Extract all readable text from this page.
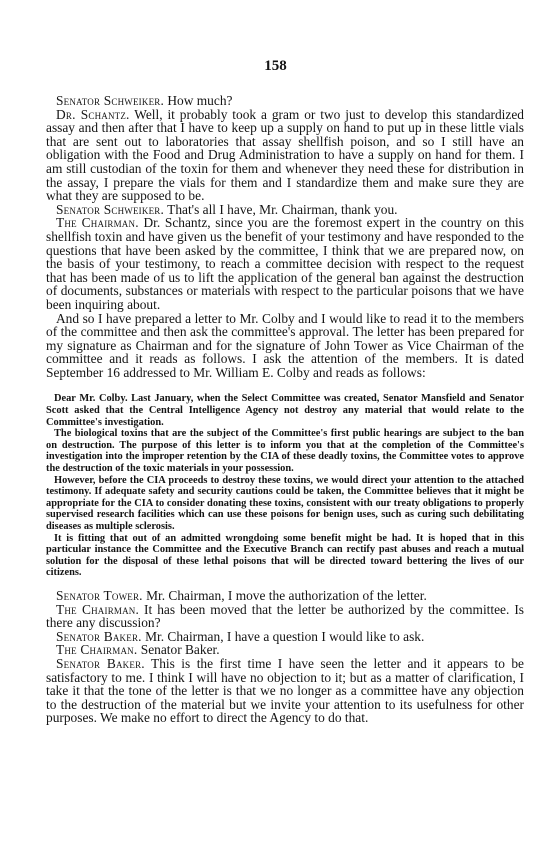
158

Senator Schweiker. How much?

Dr. Schantz. Well, it probably took a gram or two just to develop this standardized assay and then after that I have to keep up a supply on hand to put up in these little vials that are sent out to laboratories that assay shellfish poison, and so I still have an obligation with the Food and Drug Administration to have a supply on hand for them. I am still custodian of the toxin for them and whenever they need these for distribution in the assay, I prepare the vials for them and I standardize them and make sure they are what they are supposed to be.

Senator Schweiker. That's all I have, Mr. Chairman, thank you.

The Chairman. Dr. Schantz, since you are the foremost expert in the country on this shellfish toxin and have given us the benefit of your testimony and have responded to the questions that have been asked by the committee, I think that we are prepared now, on the basis of your testimony, to reach a committee decision with respect to the request that has been made of us to lift the application of the general ban against the destruction of documents, substances or materials with respect to the particular poisons that we have been inquiring about.

And so I have prepared a letter to Mr. Colby and I would like to read it to the members of the committee and then ask the committee's approval. The letter has been prepared for my signature as Chairman and for the signature of John Tower as Vice Chairman of the committee and it reads as follows. I ask the attention of the members. It is dated September 16 addressed to Mr. William E. Colby and reads as follows:

Dear Mr. Colby. Last January, when the Select Committee was created, Senator Mansfield and Senator Scott asked that the Central Intelligence Agency not destroy any material that would relate to the Committee's investigation.

The biological toxins that are the subject of the Committee's first public hearings are subject to the ban on destruction. The purpose of this letter is to inform you that at the completion of the Committee's investigation into the improper retention by the CIA of these deadly toxins, the Committee votes to approve the destruction of the toxic materials in your possession.

However, before the CIA proceeds to destroy these toxins, we would direct your attention to the attached testimony. If adequate safety and security cautions could be taken, the Committee believes that it might be appropriate for the CIA to consider donating these toxins, consistent with our treaty obligations to properly supervised research facilities which can use these poisons for benign uses, such as curing such debilitating diseases as multiple sclerosis.

It is fitting that out of an admitted wrongdoing some benefit might be had. It is hoped that in this particular instance the Committee and the Executive Branch can rectify past abuses and reach a mutual solution for the disposal of these lethal poisons that will be directed toward bettering the lives of our citizens.

Senator Tower. Mr. Chairman, I move the authorization of the letter.

The Chairman. It has been moved that the letter be authorized by the committee. Is there any discussion?

Senator Baker. Mr. Chairman, I have a question I would like to ask.

The Chairman. Senator Baker.

Senator Baker. This is the first time I have seen the letter and it appears to be satisfactory to me. I think I will have no objection to it; but as a matter of clarification, I take it that the tone of the letter is that we no longer as a committee have any objection to the destruction of the material but we invite your attention to its usefulness for other purposes. We make no effort to direct the Agency to do that.
